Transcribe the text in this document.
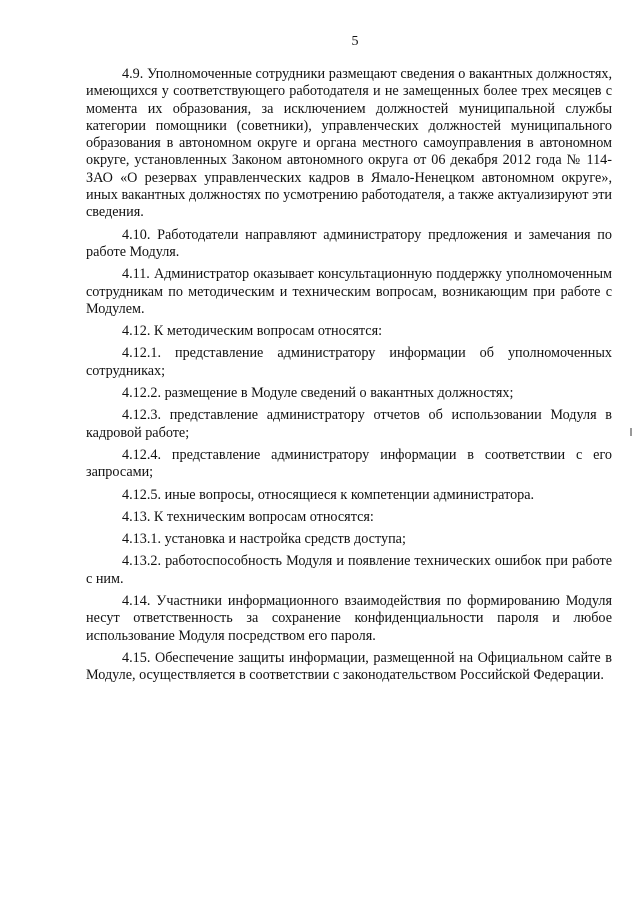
5

4.9. Уполномоченные сотрудники размещают сведения о вакантных должностях, имеющихся у соответствующего работодателя и не замещенных более трех месяцев с момента их образования, за исключением должностей муниципальной службы категории помощники (советники), управленческих должностей муниципального образования в автономном округе и органа местного самоуправления в автономном округе, установленных Законом автономного округа от 06 декабря 2012 года № 114-ЗАО «О резервах управленческих кадров в Ямало-Ненецком автономном округе», иных вакантных должностях по усмотрению работодателя, а также актуализируют эти сведения.

4.10. Работодатели направляют администратору предложения и замечания по работе Модуля.

4.11. Администратор оказывает консультационную поддержку уполномоченным сотрудникам по методическим и техническим вопросам, возникающим при работе с Модулем.

4.12. К методическим вопросам относятся:

4.12.1. представление администратору информации об уполномоченных сотрудниках;

4.12.2. размещение в Модуле сведений о вакантных должностях;

4.12.3. представление администратору отчетов об использовании Модуля в кадровой работе;

4.12.4. представление администратору информации в соответствии с его запросами;

4.12.5. иные вопросы, относящиеся к компетенции администратора.

4.13. К техническим вопросам относятся:

4.13.1. установка и настройка средств доступа;

4.13.2. работоспособность Модуля и появление технических ошибок при работе с ним.

4.14. Участники информационного взаимодействия по формированию Модуля несут ответственность за сохранение конфиденциальности пароля и любое использование Модуля посредством его пароля.

4.15. Обеспечение защиты информации, размещенной на Официальном сайте в Модуле, осуществляется в соответствии с законодательством Российской Федерации.
